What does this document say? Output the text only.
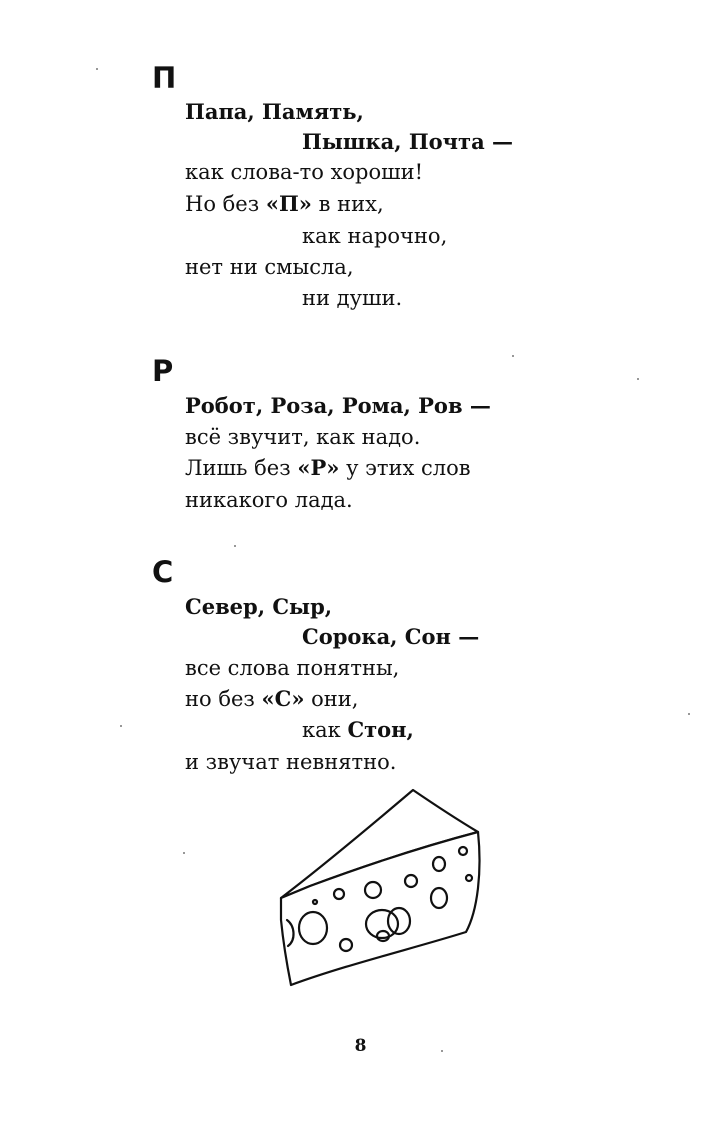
П
Папа, Память,
Пышка, Почта —
как слова-то хороши!
Но без «П» в них,
как нарочно,
нет ни смысла,
ни души.
Р
Робот, Роза, Рома, Ров —
всё звучит, как надо.
Лишь без «Р» у этих слов
никакого лада.
С
Север, Сыр,
Сорока, Сон —
все слова понятны,
но без «С» они,
как Стон,
и звучат невнятно.
8
